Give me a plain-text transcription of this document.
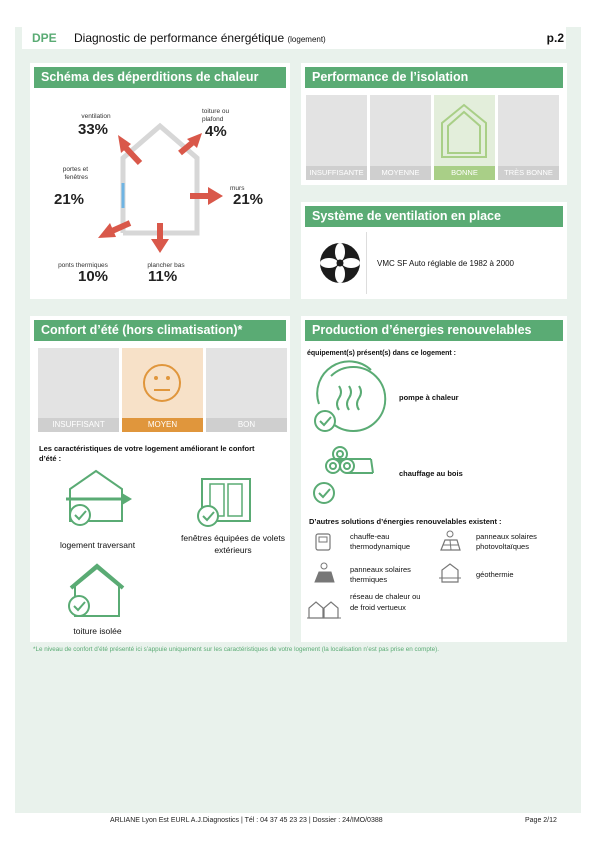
DPE	Diagnostic de performance énergétique (logement)	p.2
Schéma des déperditions de chaleur
ventilation
33%
toiture ou plafond
4%
portes et fenêtres
21%
murs
21%
ponts thermiques
10%
plancher bas
11%
Performance de l’isolation
INSUFFISANTE	MOYENNE	BONNE	TRÈS BONNE
Système de ventilation en place
VMC SF Auto réglable de 1982 à 2000
Confort d’été (hors climatisation)*
INSUFFISANT	MOYEN	BON
Les caractéristiques de votre logement améliorant le confort d’été :
logement traversant
fenêtres équipées de volets extérieurs
toiture isolée
Production d’énergies renouvelables
équipement(s) présent(s) dans ce logement :
pompe à chaleur
chauffage au bois
D’autres solutions d’énergies renouvelables existent :
chauffe-eau thermodynamique
panneaux solaires photovoltaïques
panneaux solaires thermiques
géothermie
réseau de chaleur ou de froid vertueux
*Le niveau de confort d’été présenté ici s’appuie uniquement sur les caractéristiques de votre logement (la localisation n’est pas prise en compte).
ARLIANE Lyon Est EURL A.J.Diagnostics | Tél : 04 37 45 23 23 | Dossier : 24/IMO/0388	Page 2/12
